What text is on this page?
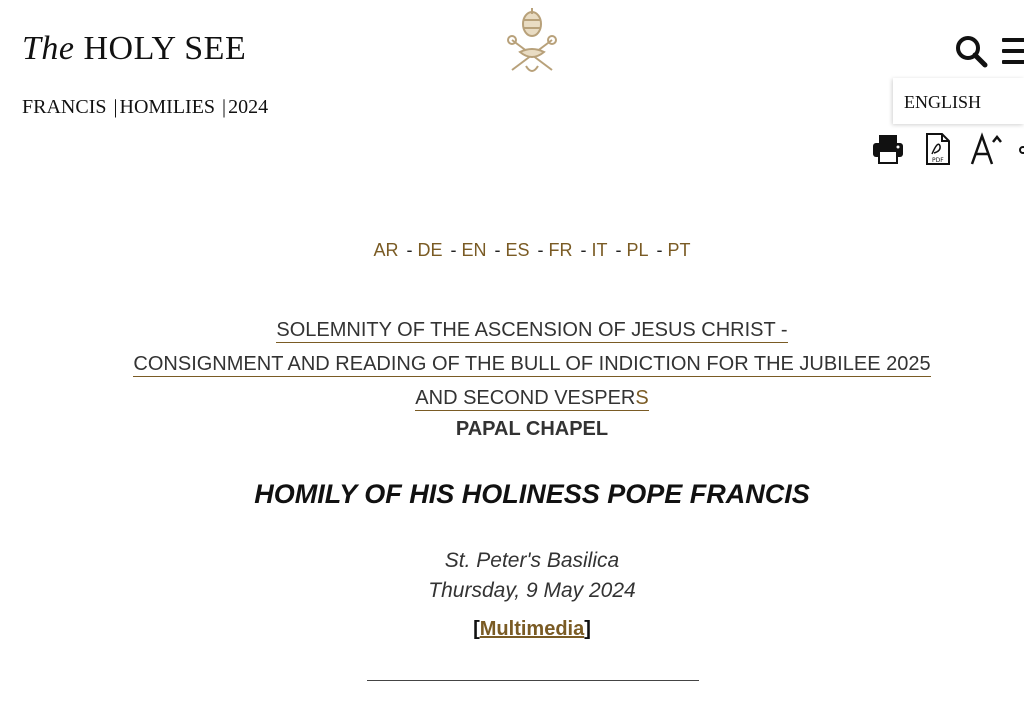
The HOLY SEE
FRANCIS | HOMILIES | 2024	ENGLISH
PDF
AR - DE - EN - ES - FR - IT - PL - PT
SOLEMNITY OF THE ASCENSION OF JESUS CHRIST -
CONSIGNMENT AND READING OF THE BULL OF INDICTION FOR THE JUBILEE 2025
AND SECOND VESPERS
PAPAL CHAPEL
HOMILY OF HIS HOLINESS POPE FRANCIS
St. Peter's Basilica
Thursday, 9 May 2024
[Multimedia]
